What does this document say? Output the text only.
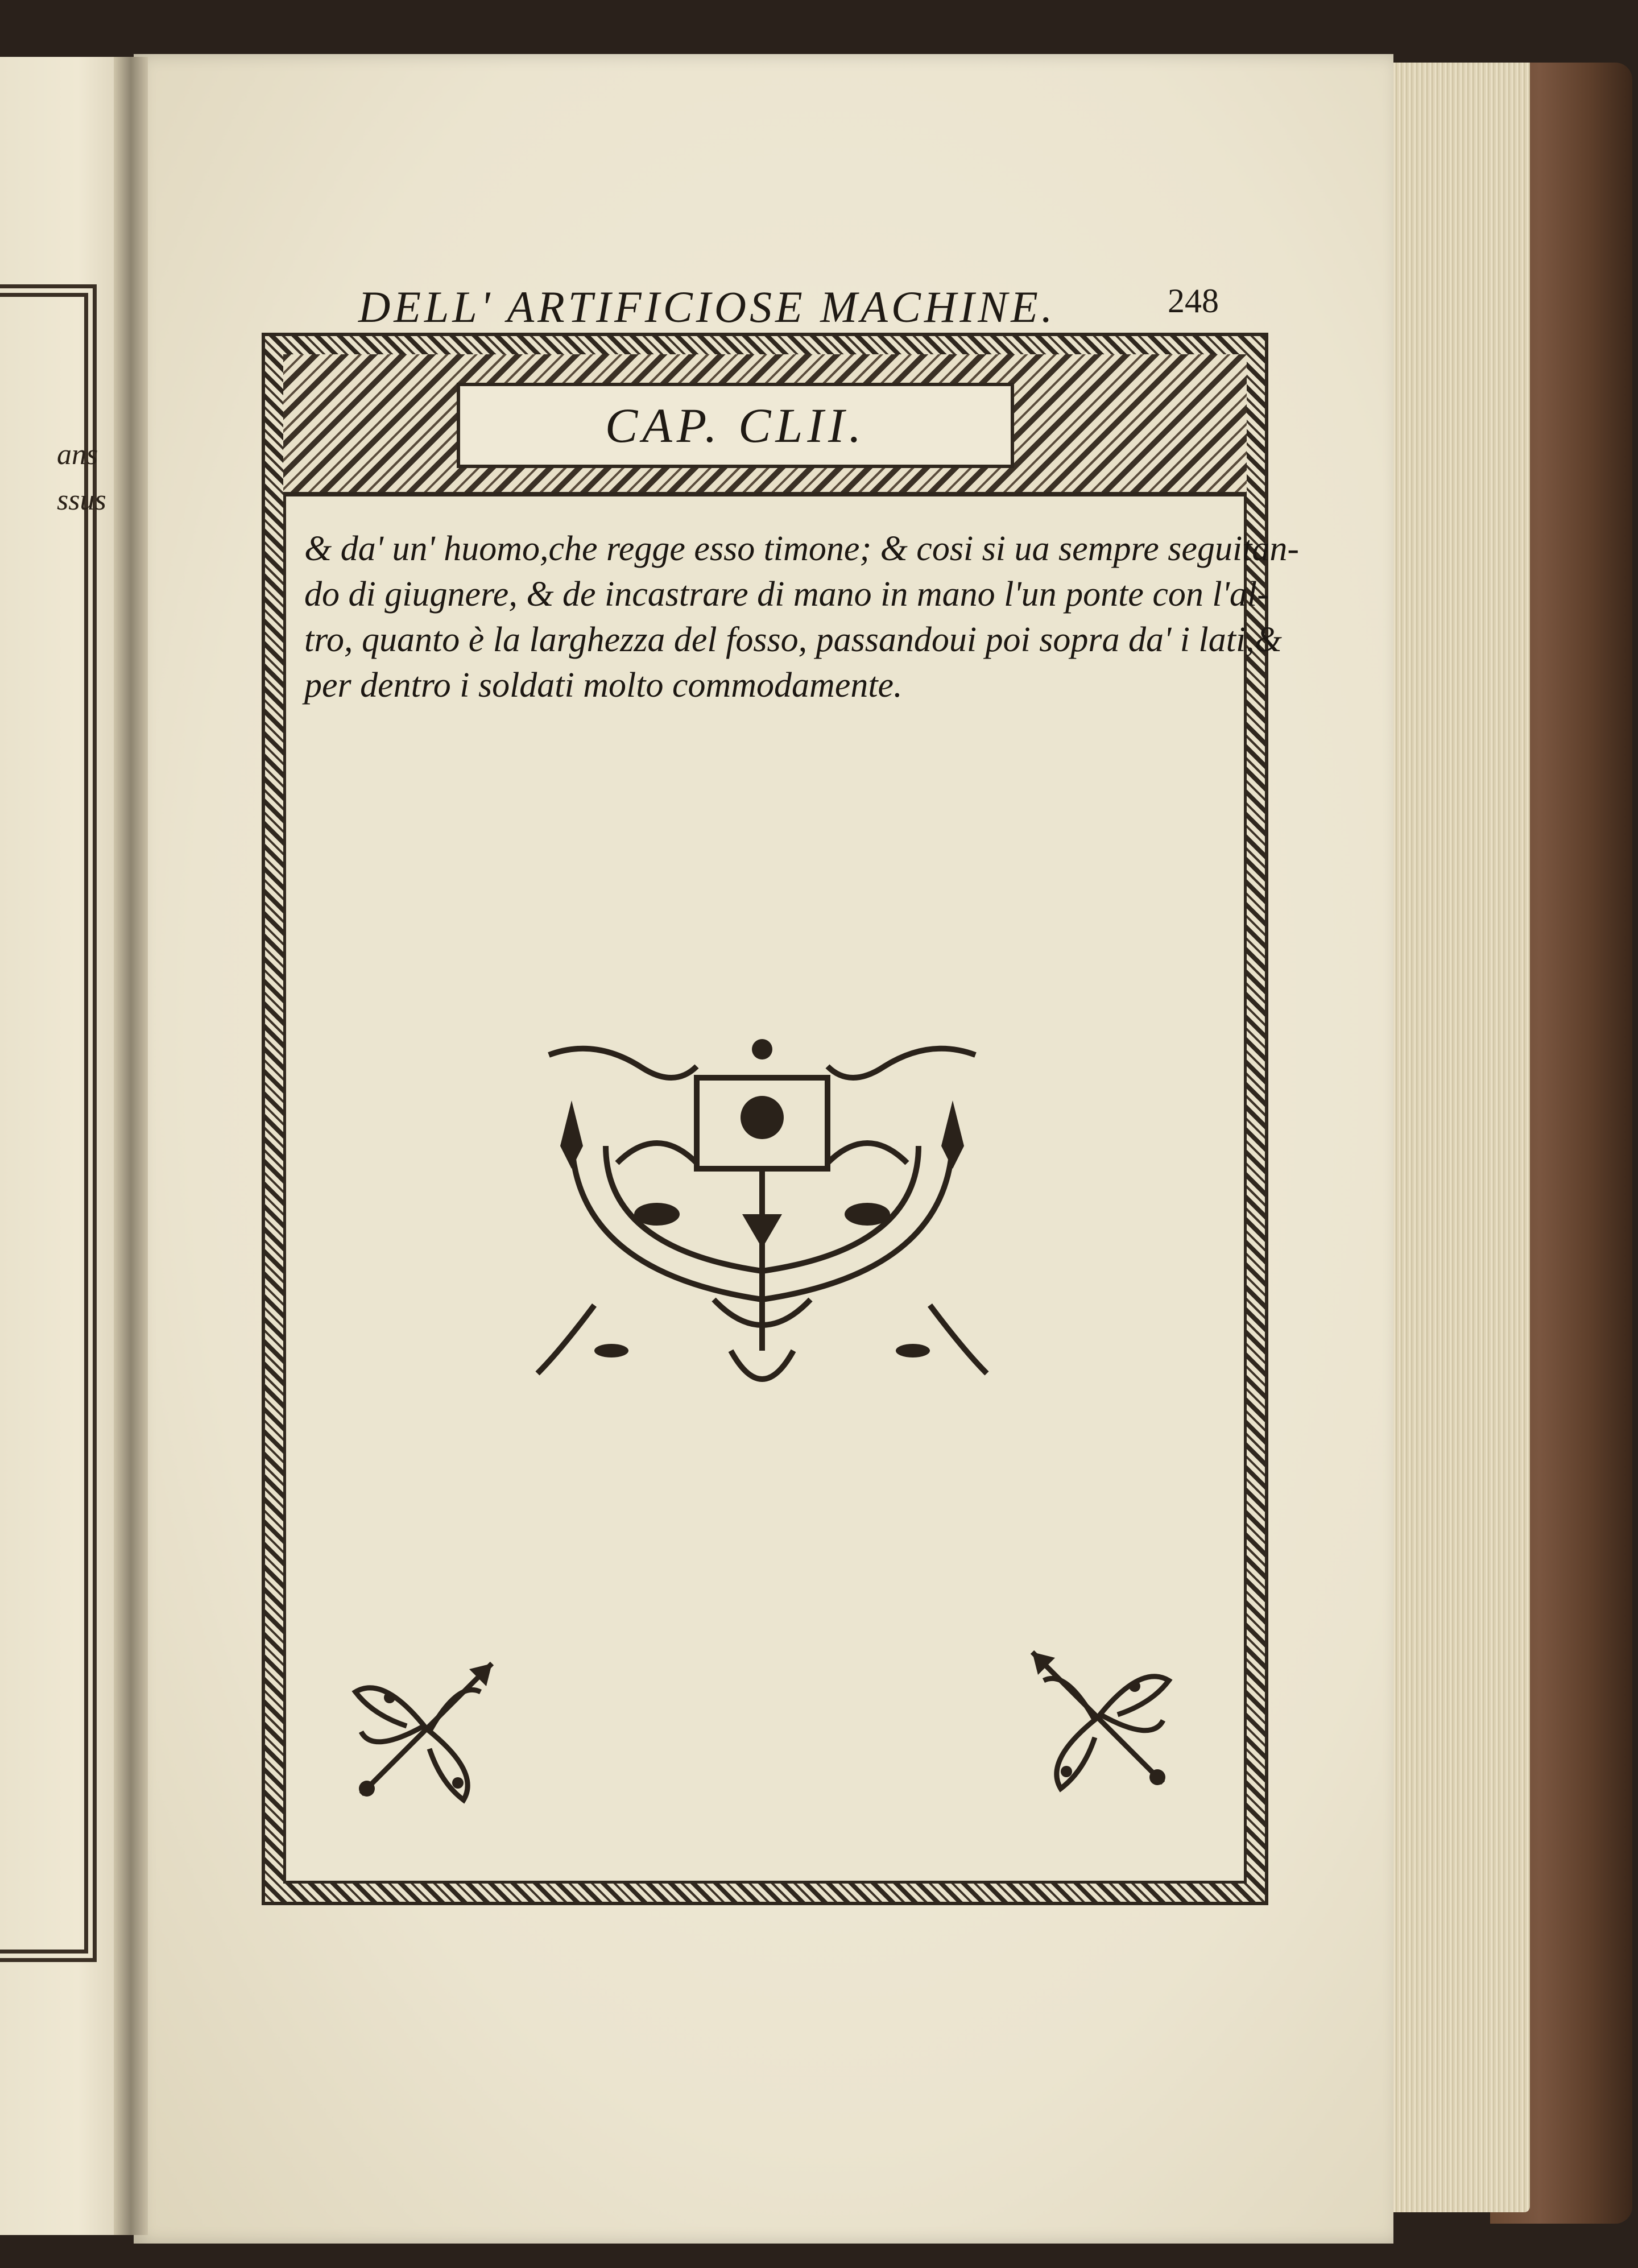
ans
ssus
DELL' ARTIFICIOSE MACHINE.	248
CAP. CLII.
& da' un' huomo,che regge esso timone; & cosi si ua sempre seguitan-
do di giugnere, & de incastrare di mano in mano l'un ponte con l'al-
tro, quanto è la larghezza del fosso, passandoui poi sopra da' i lati,&
per dentro i soldati molto commodamente.
